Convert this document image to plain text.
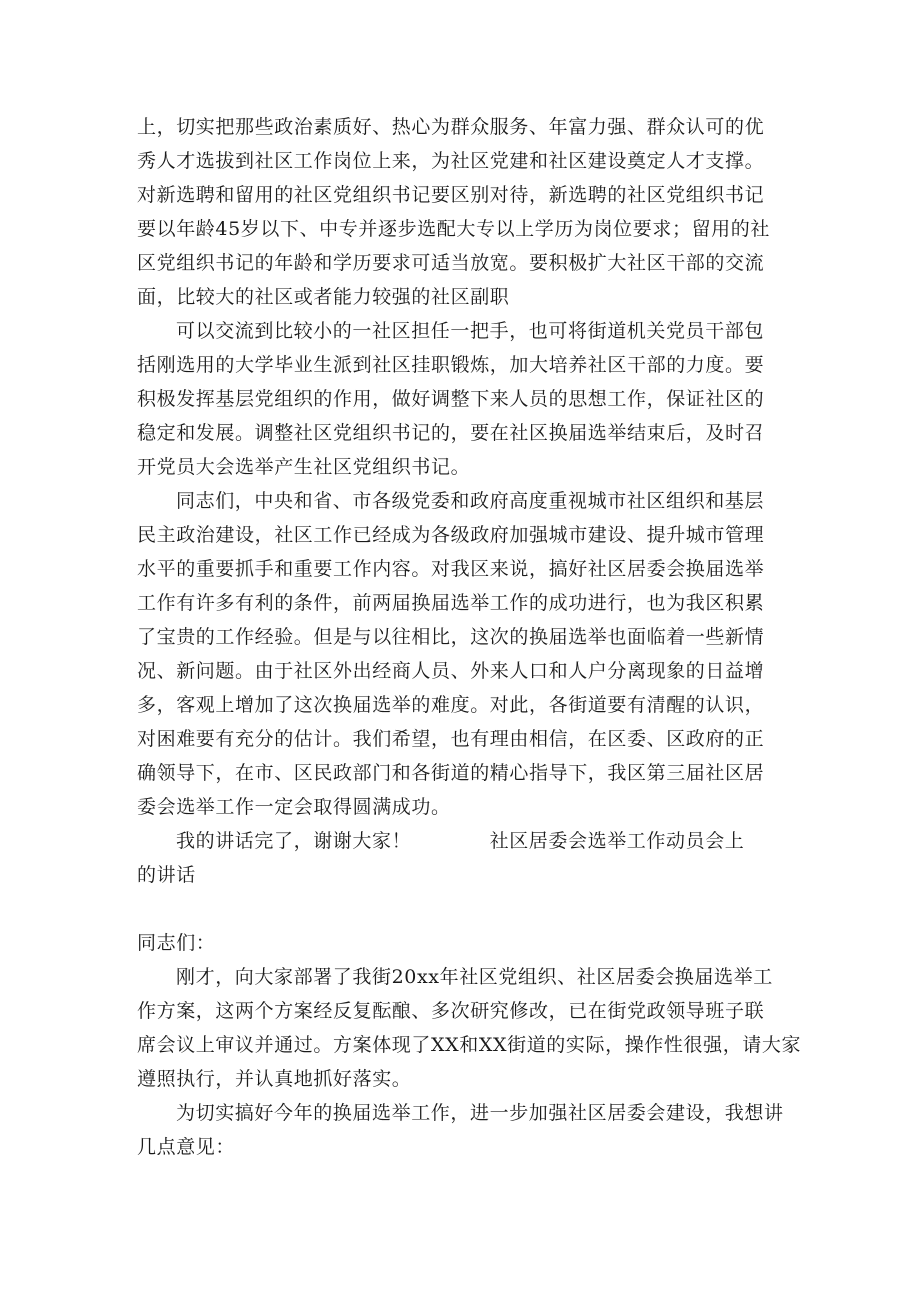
上，切实把那些政治素质好、热心为群众服务、年富力强、群众认可的优
秀人才选拔到社区工作岗位上来，为社区党建和社区建设奠定人才支撑。
对新选聘和留用的社区党组织书记要区别对待，新选聘的社区党组织书记
要以年龄45岁以下、中专并逐步选配大专以上学历为岗位要求；留用的社
区党组织书记的年龄和学历要求可适当放宽。要积极扩大社区干部的交流
面，比较大的社区或者能力较强的社区副职
可以交流到比较小的一社区担任一把手，也可将街道机关党员干部包
括刚选用的大学毕业生派到社区挂职锻炼，加大培养社区干部的力度。要
积极发挥基层党组织的作用，做好调整下来人员的思想工作，保证社区的
稳定和发展。调整社区党组织书记的，要在社区换届选举结束后，及时召
开党员大会选举产生社区党组织书记。
同志们，中央和省、市各级党委和政府高度重视城市社区组织和基层
民主政治建设，社区工作已经成为各级政府加强城市建设、提升城市管理
水平的重要抓手和重要工作内容。对我区来说，搞好社区居委会换届选举
工作有许多有利的条件，前两届换届选举工作的成功进行，也为我区积累
了宝贵的工作经验。但是与以往相比，这次的换届选举也面临着一些新情
况、新问题。由于社区外出经商人员、外来人口和人户分离现象的日益增
多，客观上增加了这次换届选举的难度。对此，各街道要有清醒的认识，
对困难要有充分的估计。我们希望，也有理由相信，在区委、区政府的正
确领导下，在市、区民政部门和各街道的精心指导下，我区第三届社区居
委会选举工作一定会取得圆满成功。
我的讲话完了，谢谢大家！　　　　社区居委会选举工作动员会上
的讲话
同志们：
刚才，向大家部署了我街20xx年社区党组织、社区居委会换届选举工
作方案，这两个方案经反复酝酿、多次研究修改，已在街党政领导班子联
席会议上审议并通过。方案体现了XX和XX街道的实际，操作性很强，请大家
遵照执行，并认真地抓好落实。
为切实搞好今年的换届选举工作，进一步加强社区居委会建设，我想讲
几点意见：
